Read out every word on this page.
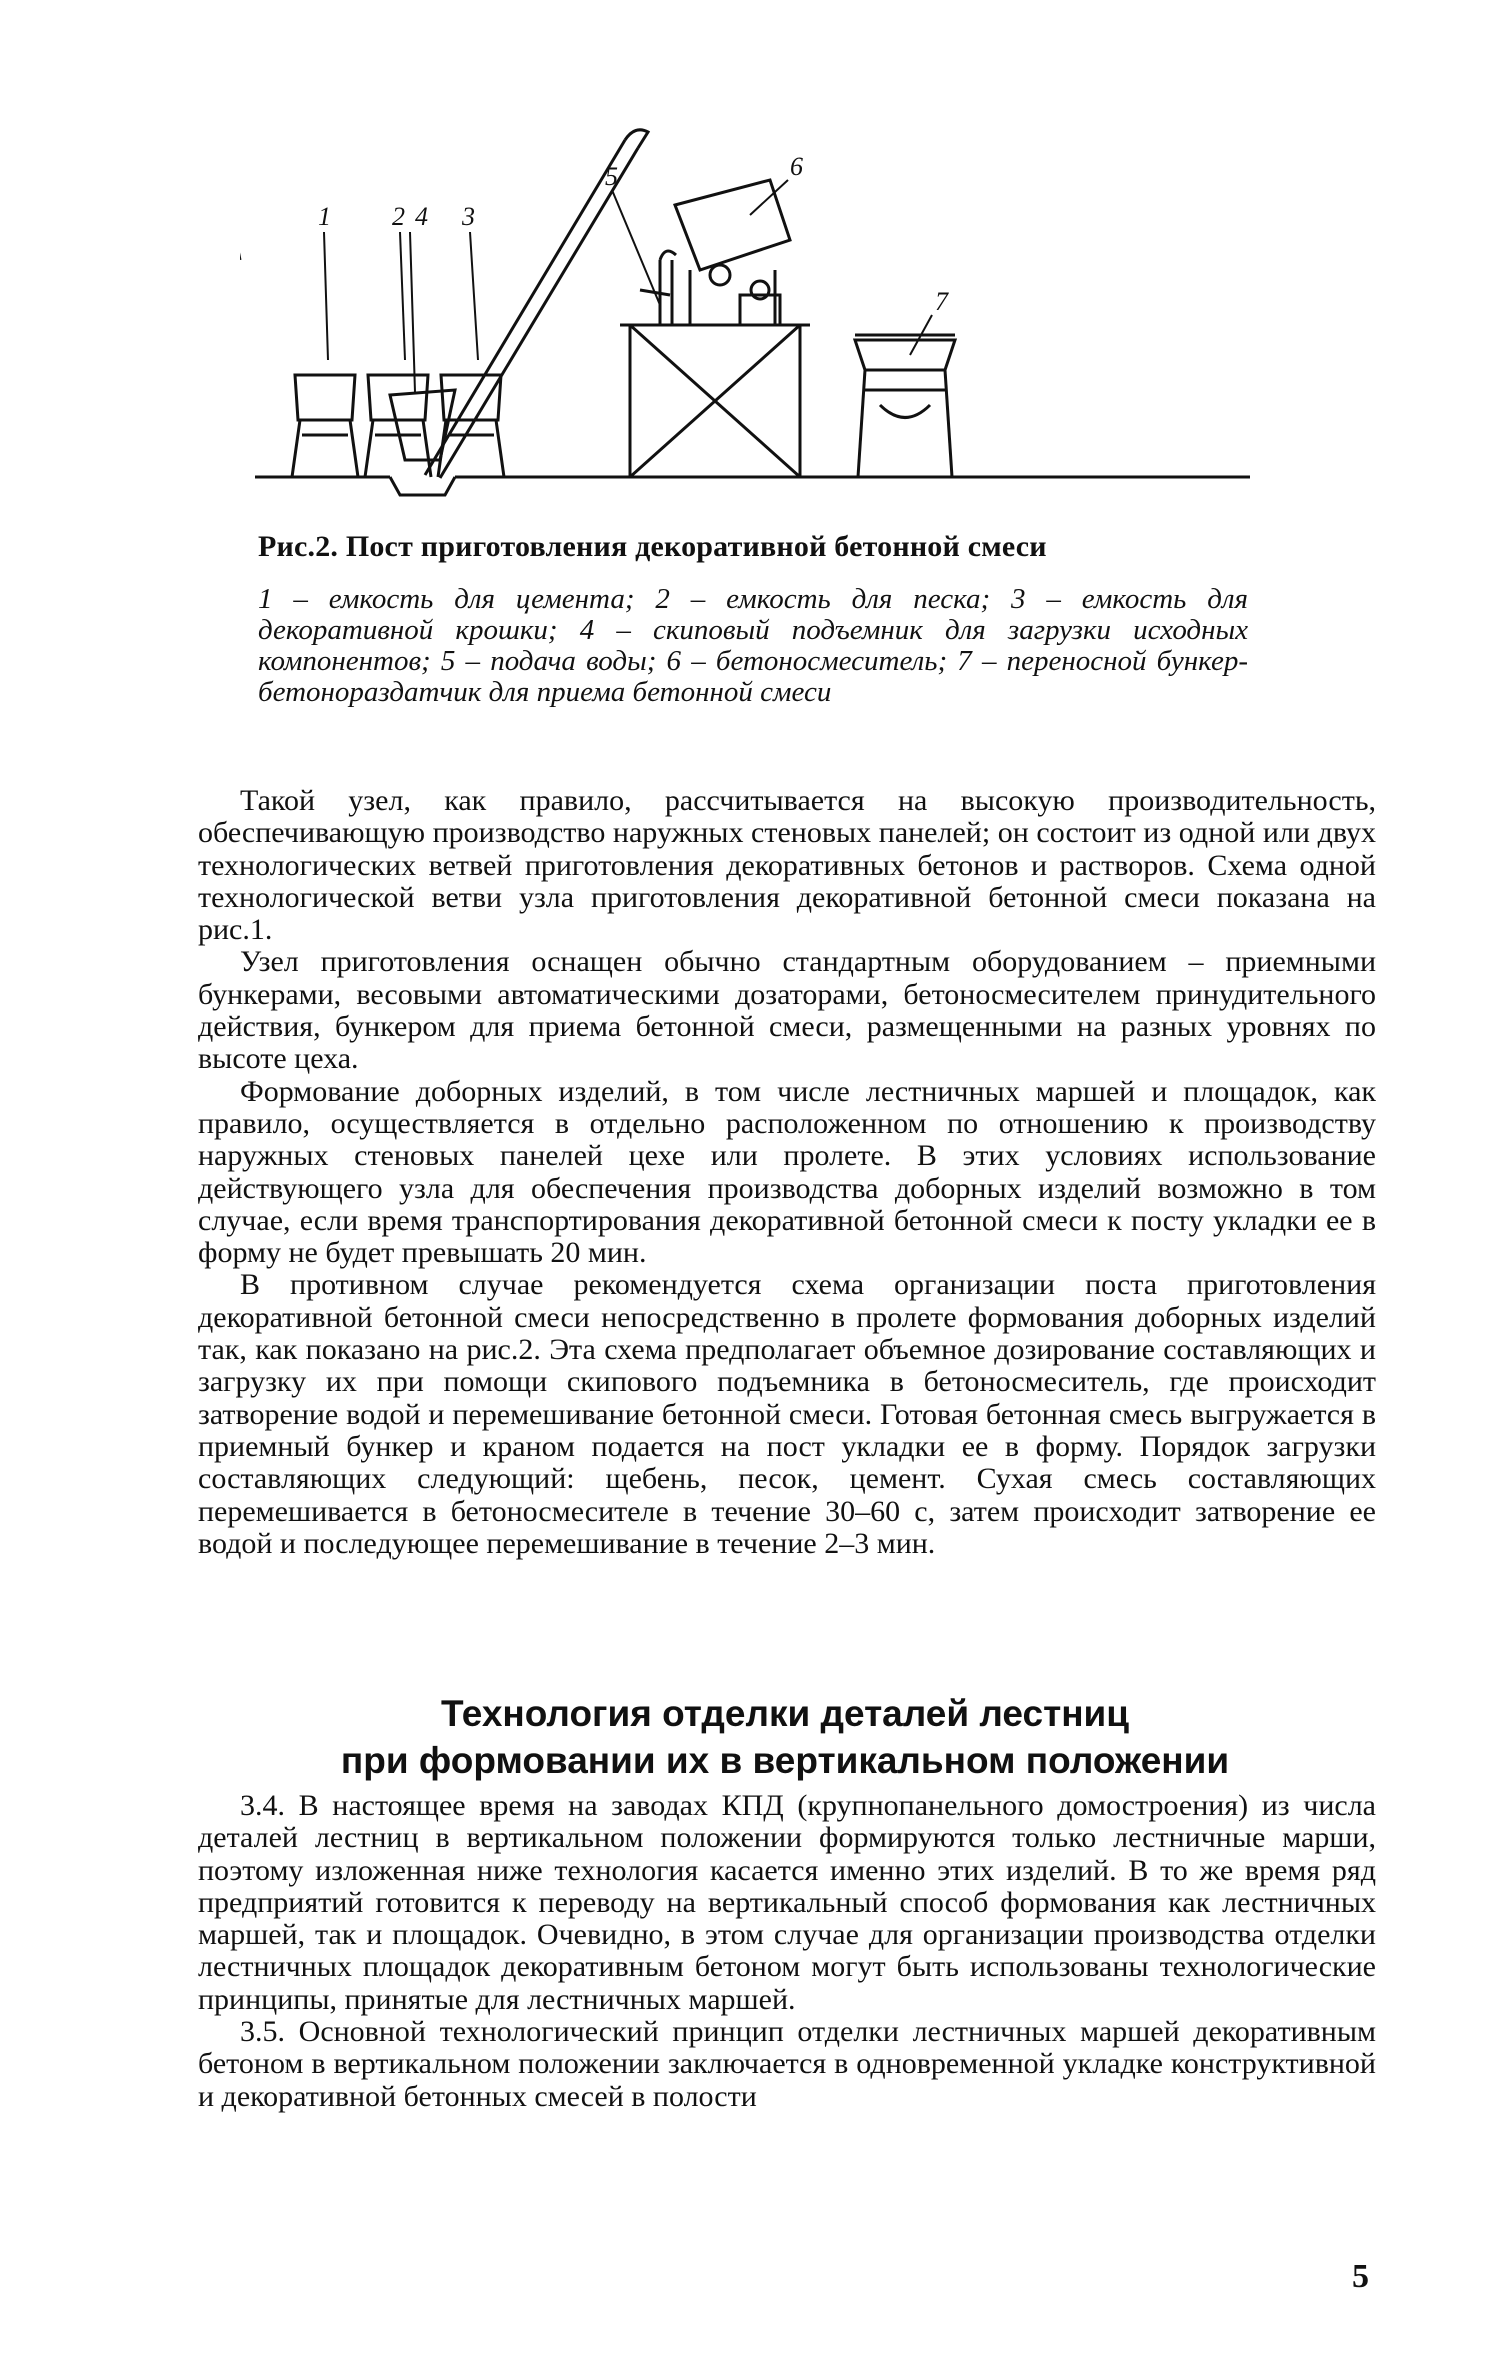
1 2 3
4
5	6
7
Рис.2. Пост приготовления декоративной бетонной смеси
1 – емкость для цемента; 2 – емкость для песка; 3 – емкость для декоративной крошки; 4 – скиповый подъемник для загрузки исходных компонентов; 5 – подача воды; 6 – бетоносмеситель; 7 – переносной бункер-бетонораздатчик для приема бетонной смеси

Такой узел, как правило, рассчитывается на высокую производительность, обеспечивающую производство наружных стеновых панелей; он состоит из одной или двух технологических ветвей приготовления декоративных бетонов и растворов. Схема одной технологической ветви узла приготовления декоративной бетонной смеси показана на рис.1.

Узел приготовления оснащен обычно стандартным оборудованием – приемными бункерами, весовыми автоматическими дозаторами, бетоносмесителем принудительного действия, бункером для приема бетонной смеси, размещенными на разных уровнях по высоте цеха.

Формование доборных изделий, в том числе лестничных маршей и площадок, как правило, осуществляется в отдельно расположенном по отношению к производству наружных стеновых панелей цехе или пролете. В этих условиях использование действующего узла для обеспечения производства доборных изделий возможно в том случае, если время транспортирования декоративной бетонной смеси к посту укладки ее в форму не будет превышать 20 мин.

В противном случае рекомендуется схема организации поста приготовления декоративной бетонной смеси непосредственно в пролете формования доборных изделий так, как показано на рис.2. Эта схема предполагает объемное дозирование составляющих и загрузку их при помощи скипового подъемника в бетоносмеситель, где происходит затворение водой и перемешивание бетонной смеси. Готовая бетонная смесь выгружается в приемный бункер и краном подается на пост укладки ее в форму. Порядок загрузки составляющих следующий: щебень, песок, цемент. Сухая смесь составляющих перемешивается в бетоносмесителе в течение 30–60 с, затем происходит затворение ее водой и последующее перемешивание в течение 2–3 мин.

Технология отделки деталей лестниц
при формовании их в вертикальном положении

3.4. В настоящее время на заводах КПД (крупнопанельного домостроения) из числа деталей лестниц в вертикальном положении формируются только лестничные марши, поэтому изложенная ниже технология касается именно этих изделий. В то же время ряд предприятий готовится к переводу на вертикальный способ формования как лестничных маршей, так и площадок. Очевидно, в этом случае для организации производства отделки лестничных площадок декоративным бетоном могут быть использованы технологические принципы, принятые для лестничных маршей.

3.5. Основной технологический принцип отделки лестничных маршей декоративным бетоном в вертикальном положении заключается в одновременной укладке конструктивной и декоративной бетонных смесей в полости

5
